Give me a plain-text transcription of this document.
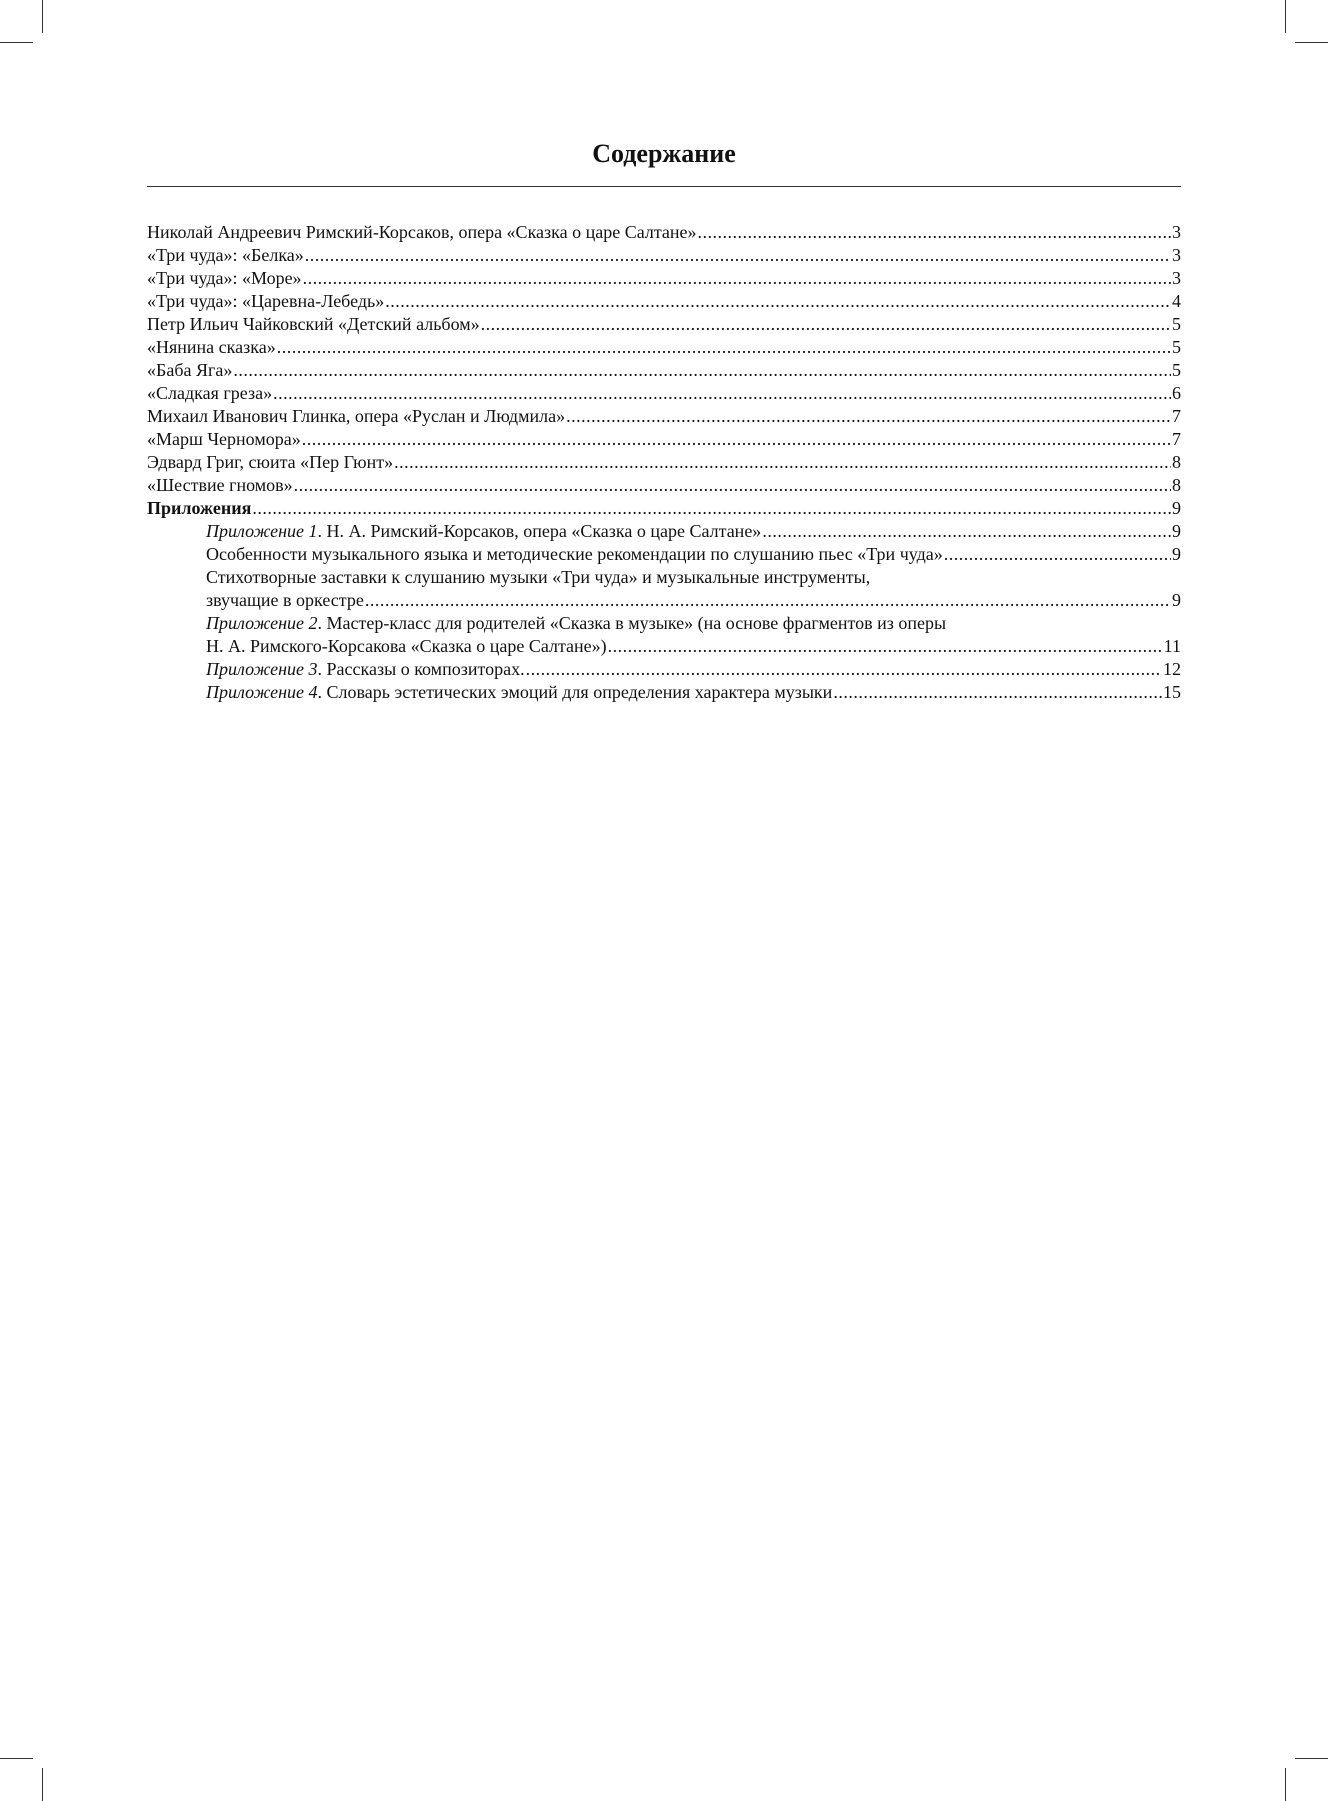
Содержание
Николай Андреевич Римский-Корсаков, опера «Сказка о царе Салтане» .....	3
«Три чуда»: «Белка» .....	3
«Три чуда»: «Море» .....	3
«Три чуда»: «Царевна-Лебедь» .....	4
Петр Ильич Чайковский «Детский альбом» .....	5
«Нянина сказка» .....	5
«Баба Яга» .....	5
«Сладкая греза» .....	6
Михаил Иванович Глинка, опера «Руслан и Людмила» .....	7
«Марш Черномора» .....	7
Эдвард Григ, сюита «Пер Гюнт» .....	8
«Шествие гномов» .....	8
Приложения .....	9
Приложение 1. Н. А. Римский-Корсаков, опера «Сказка о царе Салтане» .....	9
Особенности музыкального языка и методические рекомендации по слушанию пьес «Три чуда» .....	9
Стихотворные заставки к слушанию музыки «Три чуда» и музыкальные инструменты,
звучащие в оркестре .....	9
Приложение 2. Мастер-класс для родителей «Сказка в музыке» (на основе фрагментов из оперы
Н. А. Римского-Корсакова «Сказка о царе Салтане») .....	11
Приложение 3. Рассказы о композиторах. .....	12
Приложение 4. Словарь эстетических эмоций для определения характера музыки .....	15
